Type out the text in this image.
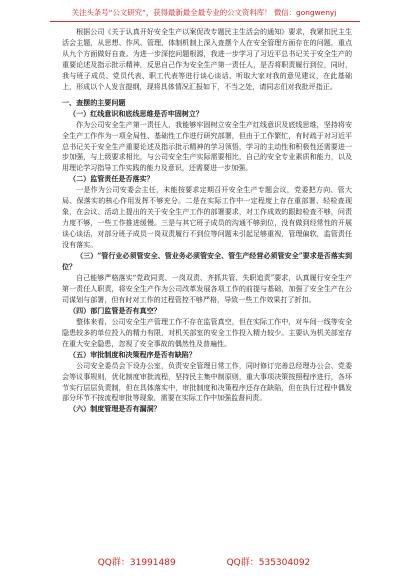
关注头条号“公文研究”，获得最新最全最专业的公文资料库！ 微信：gongwenyj

根据公司《关于认真开好安全生产以案促改专题民主生活会的通知》要求，我紧扣民主生活会主题，从思想、作风、管理、体制机制上深入查摆个人在安全管理方面存在的问题，重点从九个方面做好自查。为进一步深挖问题根源，我进一步学习了习近平总书记关于安全生产的重要论述及指示批示精神，反思自己作为安全生产第一责任人，是否将职责履行到位，同时，我与班子成员、党员代表、职工代表等进行谈心谈话，听取大家对我的意见建议，在此基础上，形成以个人发言提纲，现将具体情况汇报如下，不当之处，请同志们对我批评指正。

一、查摆的主要问题

（一）红线意识和底线思维是否牢固树立？

作为公司安全生产第一责任人，我能够牢固树立安全生产红线意识及底线思维，坚持将安全生产工作作为一项全局性、基础性工作进行研究部署，但由于工作繁忙，有时疏于对习近平总书记关于安全生产重要论述及指示批示精神的学习领悟，学习的主动性和积极性还需要进一步加强，与上级要求相比，与公司安全生产实际需要相比，自己的安全专业素质和能力，以及用理论学习指导工作实践的能力及意识，还需要进一步加强。

（二）监管责任是否落实？

一是作为公司安委会主任，未能按要求定期召开安全生产专题会议，党委把方向、管大局、保落实的核心作用发挥不够充分。二是在实际工作中一定程度上存在重部署、轻检查现象，在会议、活动上提出的关于安全生产工作的部署要求，对工作成效的跟踪检查不够，问责力度不够，一些工作推进缓慢。三是与其它班子成员的沟通不够到位，没有做到经常性的开展谈心谈话，对部分班子成员一岗双责履行不到位等问题未引起足够重视，管理偏软，监管责任没有落实。

（三）“管行业必须管安全、管业务必须管安全、管生产经营必须管安全”要求是否落实到位？

自己能够严格落实“党政同责、一岗双责、齐抓共管、失职追责”要求，认真履行安全生产第一责任人职责，将安全生产作为公司改革发展各项工作的前提与基础，加强了安全生产在公司谋划与部署，但有时对工作的过程管控不够严格，导致一些工作效果打了折扣。

（四）部门监管是否有真空？

整体来看，公司安全生产管理工作不存在监管真空，但在实际工作中，对车间一线等安全隐患较多的单位投入的精力有限，对机关部室的安全工作投入精力较少。主要认为机关部室存在重大安全隐患，忽视了安全事故的偶然性及普遍性。

（五）审批制度和决策程序是否有缺陷？

公司安全委员会下设办公室，负责安全管理日常工作，同时修订完善总经理办公会、党委会等议事规则，优化制度审批流程，坚持民主集中制原则，重大事项决策按照程序进行，各环节实行层层负责制，但在具体落实中，审批制度和决策程序还存在缺陷，但在执行过程中偶发部分环节不按流程审批等现象，需要在实际工作中加强监督问责。

（六）制度管理是否有漏洞？

QQ群：31991489	QQ群：535304092
